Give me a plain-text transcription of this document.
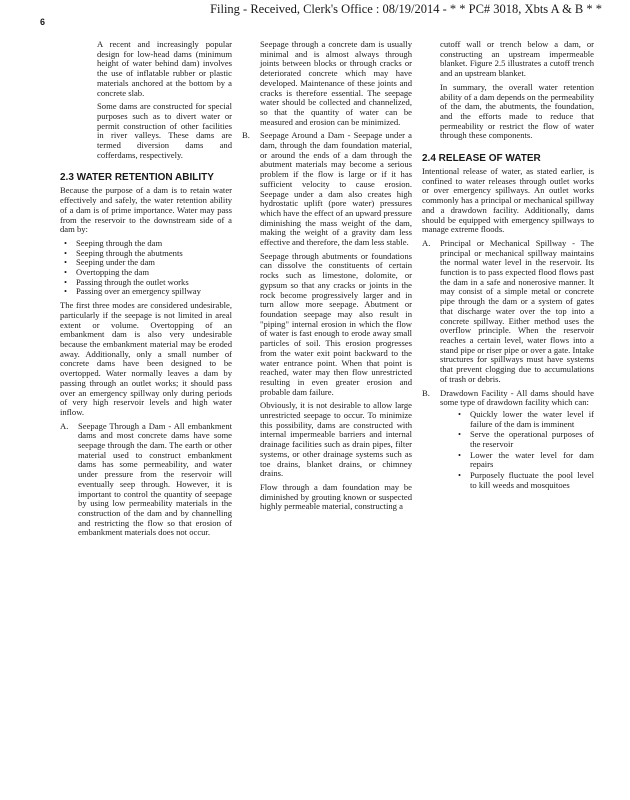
Filing - Received, Clerk's Office : 08/19/2014 - * * PC# 3018, Xbts A & B * *
6

A recent and increasingly popular design for low-head dams (minimum height of water behind dam) involves the use of inflatable rubber or plastic materials anchored at the bottom by a concrete slab.

Some dams are constructed for special purposes such as to divert water or permit construction of other facilities in river valleys. These dams are termed diversion dams and cofferdams, respectively.

2.3 WATER RETENTION ABILITY

Because the purpose of a dam is to retain water effectively and safely, the water retention ability of a dam is of prime importance. Water may pass from the reservoir to the downstream side of a dam by:

• Seeping through the dam
• Seeping through the abutments
• Seeping under the dam
• Overtopping the dam
• Passing through the outlet works
• Passing over an emergency spillway

The first three modes are considered undesirable, particularly if the seepage is not limited in areal extent or volume. Overtopping of an embankment dam is also very undesirable because the embankment material may be eroded away. Additionally, only a small number of concrete dams have been designed to be overtopped. Water normally leaves a dam by passing through an outlet works; it should pass over an emergency spillway only during periods of very high reservoir levels and high water inflow.

A. Seepage Through a Dam - All embankment dams and most concrete dams have some seepage through the dam. The earth or other material used to construct embankment dams has some permeability, and water under pressure from the reservoir will eventually seep through. However, it is important to control the quantity of seepage by using low permeability materials in the construction of the dam and by channelling and restricting the flow so that erosion of embankment materials does not occur.

Seepage through a concrete dam is usually minimal and is almost always through joints between blocks or through cracks or deteriorated concrete which may have developed. Maintenance of these joints and cracks is therefore essential. The seepage water should be collected and channelized, so that the quantity of water can be measured and erosion can be minimized.

B. Seepage Around a Dam - Seepage under a dam, through the dam foundation material, or around the ends of a dam through the abutment materials may become a serious problem if the flow is large or if it has sufficient velocity to cause erosion. Seepage under a dam also creates high hydrostatic uplift (pore water) pressures which have the effect of an upward pressure diminishing the mass weight of the dam, making the weight of a gravity dam less effective and therefore, the dam less stable.

Seepage through abutments or foundations can dissolve the constituents of certain rocks such as limestone, dolomite, or gypsum so that any cracks or joints in the rock become progressively larger and in turn allow more seepage. Abutment or foundation seepage may also result in "piping" internal erosion in which the flow of water is fast enough to erode away small particles of soil. This erosion progresses from the water exit point backward to the water entrance point. When that point is reached, water may then flow unrestricted resulting in even greater erosion and probable dam failure.

Obviously, it is not desirable to allow large unrestricted seepage to occur. To minimize this possibility, dams are constructed with internal impermeable barriers and internal drainage facilities such as drain pipes, filter systems, or other drainage systems such as toe drains, blanket drains, or chimney drains.

Flow through a dam foundation may be diminished by grouting known or suspected highly permeable material, constructing a

cutoff wall or trench below a dam, or constructing an upstream impermeable blanket. Figure 2.5 illustrates a cutoff trench and an upstream blanket.

In summary, the overall water retention ability of a dam depends on the permeability of the dam, the abutments, the foundation, and the efforts made to reduce that permeability or restrict the flow of water through these components.

2.4 RELEASE OF WATER

Intentional release of water, as stated earlier, is confined to water releases through outlet works or over emergency spillways. An outlet works commonly has a principal or mechanical spillway and a drawdown facility. Additionally, dams should be equipped with emergency spillways to manage extreme floods.

A. Principal or Mechanical Spillway - The principal or mechanical spillway maintains the normal water level in the reservoir. Its function is to pass expected flood flows past the dam in a safe and nonerosive manner. It may consist of a simple metal or concrete pipe through the dam or a system of gates that discharge water over the top into a concrete spillway. Either method uses the overflow principle. When the reservoir reaches a certain level, water flows into a stand pipe or riser pipe or over a gate. Intake structures for spillways must have systems that prevent clogging due to accumulations of trash or debris.
B. Drawdown Facility - All dams should have some type of drawdown facility which can:
• Quickly lower the water level if failure of the dam is imminent
• Serve the operational purposes of the reservoir
• Lower the water level for dam repairs
• Purposely fluctuate the pool level to kill weeds and mosquitoes
